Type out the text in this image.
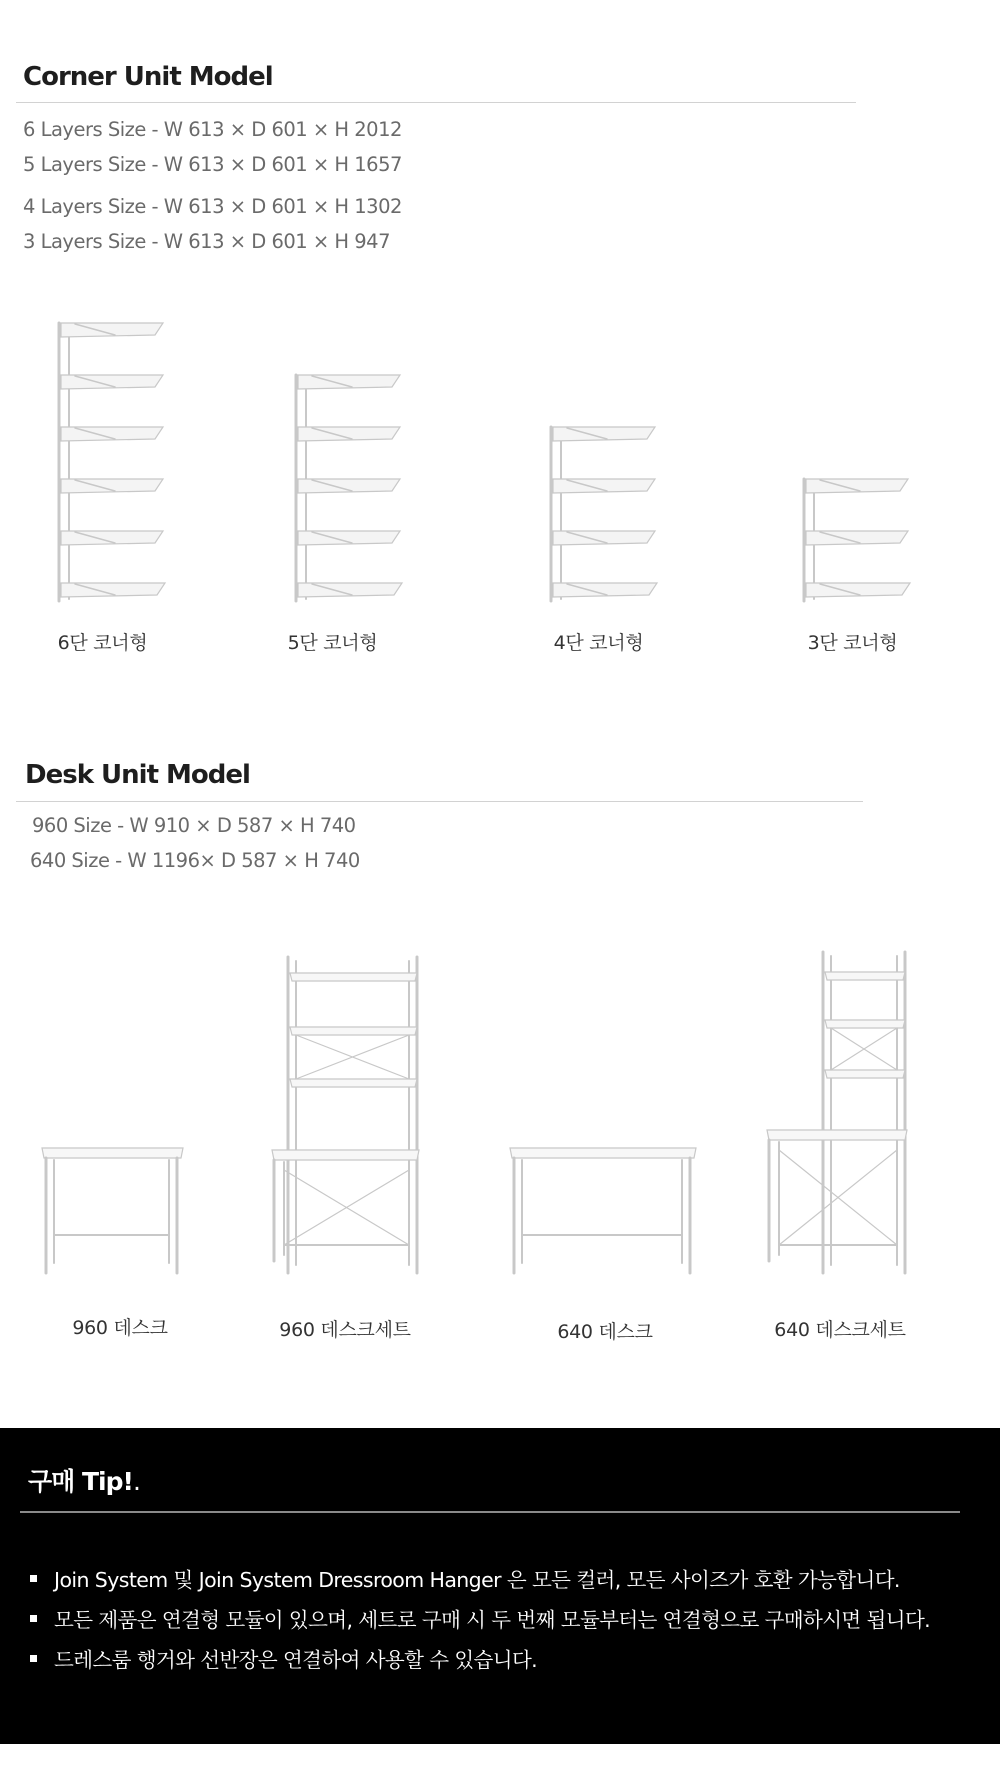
Corner Unit Model
6 Layers Size - W 613 × D 601 × H 2012
5 Layers Size - W 613 × D 601 × H 1657
4 Layers Size - W 613 × D 601 × H 1302
3 Layers Size - W 613 × D 601 × H 947
6단 코너형	5단 코너형	4단 코너형	3단 코너형
Desk Unit Model
960 Size - W 910 × D 587 × H 740
640 Size - W 1196× D 587 × H 740
960 데스크	960 데스크세트	640 데스크	640 데스크세트
구매 Tip!.
Join System 및 Join System Dressroom Hanger 은 모든 컬러, 모든 사이즈가 호환 가능합니다.
모든 제품은 연결형 모듈이 있으며, 세트로 구매 시 두 번째 모듈부터는 연결형으로 구매하시면 됩니다.
드레스룸 행거와 선반장은 연결하여 사용할 수 있습니다.
